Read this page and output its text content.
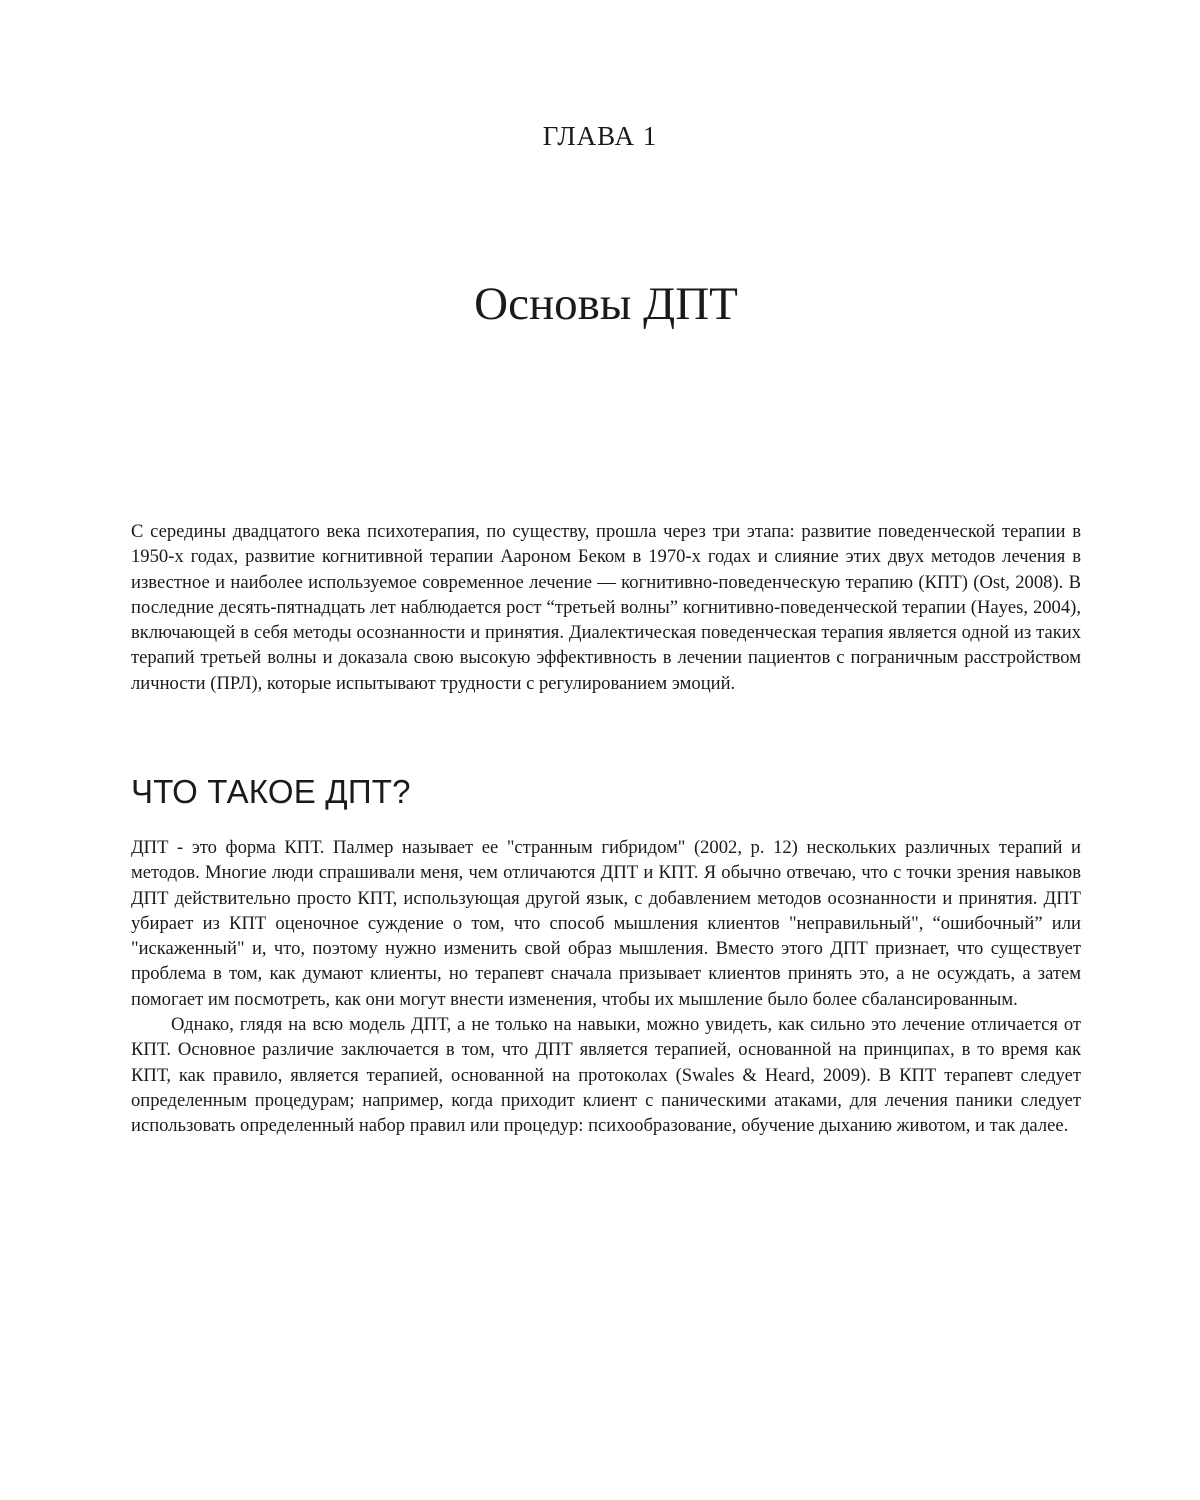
ГЛАВА 1
Основы ДПТ

С середины двадцатого века психотерапия, по существу, прошла через три этапа: развитие поведенческой терапии в 1950-х годах, развитие когнитивной терапии Аароном Беком в 1970-х годах и слияние этих двух методов лечения в известное и наиболее используемое современное лечение — когнитивно-поведенческую терапию (КПТ) (Ost, 2008). В последние десять-пятнадцать лет наблюдается рост “третьей волны” когнитивно-поведенческой терапии (Hayes, 2004), включающей в себя методы осознанности и принятия. Диалектическая поведенческая терапия является одной из таких терапий третьей волны и доказала свою высокую эффективность в лечении пациентов с пограничным расстройством личности (ПРЛ), которые испытывают трудности с регулированием эмоций.

ЧТО ТАКОЕ ДПТ?

ДПТ - это форма КПТ. Палмер называет ее "странным гибридом" (2002, p. 12) нескольких различных терапий и методов. Многие люди спрашивали меня, чем отличаются ДПТ и КПТ. Я обычно отвечаю, что с точки зрения навыков ДПТ действительно просто КПТ, использующая другой язык, с добавлением методов осознанности и принятия. ДПТ убирает из КПТ оценочное суждение о том, что способ мышления клиентов "неправильный", “ошибочный” или "искаженный" и, что, поэтому нужно изменить свой образ мышления. Вместо этого ДПТ признает, что существует проблема в том, как думают клиенты, но терапевт сначала призывает клиентов принять это, а не осуждать, а затем помогает им посмотреть, как они могут внести изменения, чтобы их мышление было более сбалансированным.

Однако, глядя на всю модель ДПТ, а не только на навыки, можно увидеть, как сильно это лечение отличается от КПТ. Основное различие заключается в том, что ДПТ является терапией, основанной на принципах, в то время как КПТ, как правило, является терапией, основанной на протоколах (Swales & Heard, 2009). В КПТ терапевт следует определенным процедурам; например, когда приходит клиент с паническими атаками, для лечения паники следует использовать определенный набор правил или процедур: психообразование, обучение дыханию животом, и так далее.
